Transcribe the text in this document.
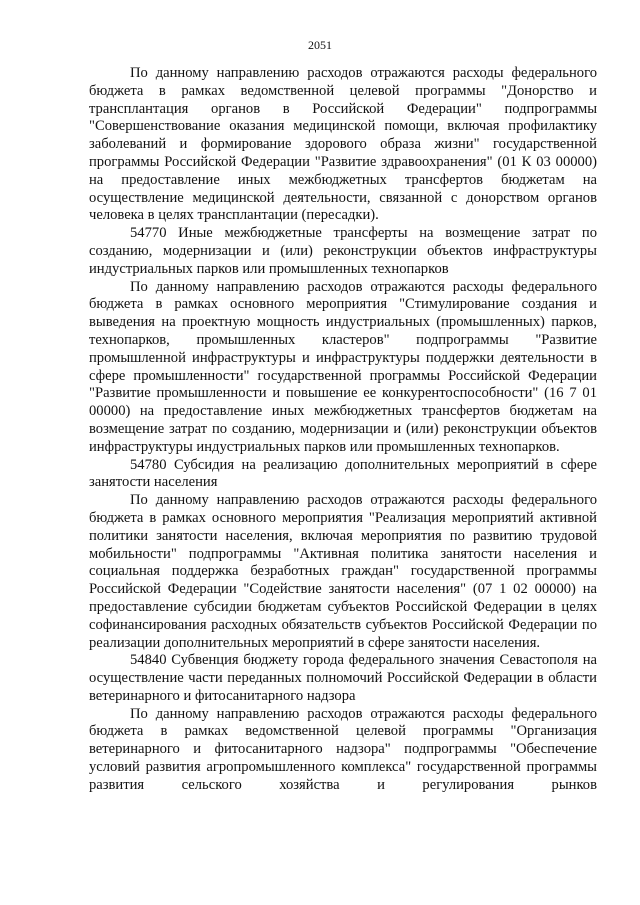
2051

По данному направлению расходов отражаются расходы федерального бюджета в рамках ведомственной целевой программы "Донорство и трансплантация органов в Российской Федерации" подпрограммы "Совершенствование оказания медицинской помощи, включая профилактику заболеваний и формирование здорового образа жизни" государственной программы Российской Федерации "Развитие здравоохранения" (01 К 03 00000) на предоставление иных межбюджетных трансфертов бюджетам на осуществление медицинской деятельности, связанной с донорством органов человека в целях трансплантации (пересадки).

54770 Иные межбюджетные трансферты на возмещение затрат по созданию, модернизации и (или) реконструкции объектов инфраструктуры индустриальных парков или промышленных технопарков

По данному направлению расходов отражаются расходы федерального бюджета в рамках основного мероприятия "Стимулирование создания и выведения на проектную мощность индустриальных (промышленных) парков, технопарков, промышленных кластеров" подпрограммы "Развитие промышленной инфраструктуры и инфраструктуры поддержки деятельности в сфере промышленности" государственной программы Российской Федерации "Развитие промышленности и повышение ее конкурентоспособности" (16 7 01 00000) на предоставление иных межбюджетных трансфертов бюджетам на возмещение затрат по созданию, модернизации и (или) реконструкции объектов инфраструктуры индустриальных парков или промышленных технопарков.

54780 Субсидия на реализацию дополнительных мероприятий в сфере занятости населения

По данному направлению расходов отражаются расходы федерального бюджета в рамках основного мероприятия "Реализация мероприятий активной политики занятости населения, включая мероприятия по развитию трудовой мобильности" подпрограммы "Активная политика занятости населения и социальная поддержка безработных граждан" государственной программы Российской Федерации "Содействие занятости населения" (07 1 02 00000) на предоставление субсидии бюджетам субъектов Российской Федерации в целях софинансирования расходных обязательств субъектов Российской Федерации по реализации дополнительных мероприятий в сфере занятости населения.

54840 Субвенция бюджету города федерального значения Севастополя на осуществление части переданных полномочий Российской Федерации в области ветеринарного и фитосанитарного надзора

По данному направлению расходов отражаются расходы федерального бюджета в рамках ведомственной целевой программы "Организация ветеринарного и фитосанитарного надзора" подпрограммы "Обеспечение условий развития агропромышленного комплекса" государственной программы развития сельского хозяйства и регулирования рынков
